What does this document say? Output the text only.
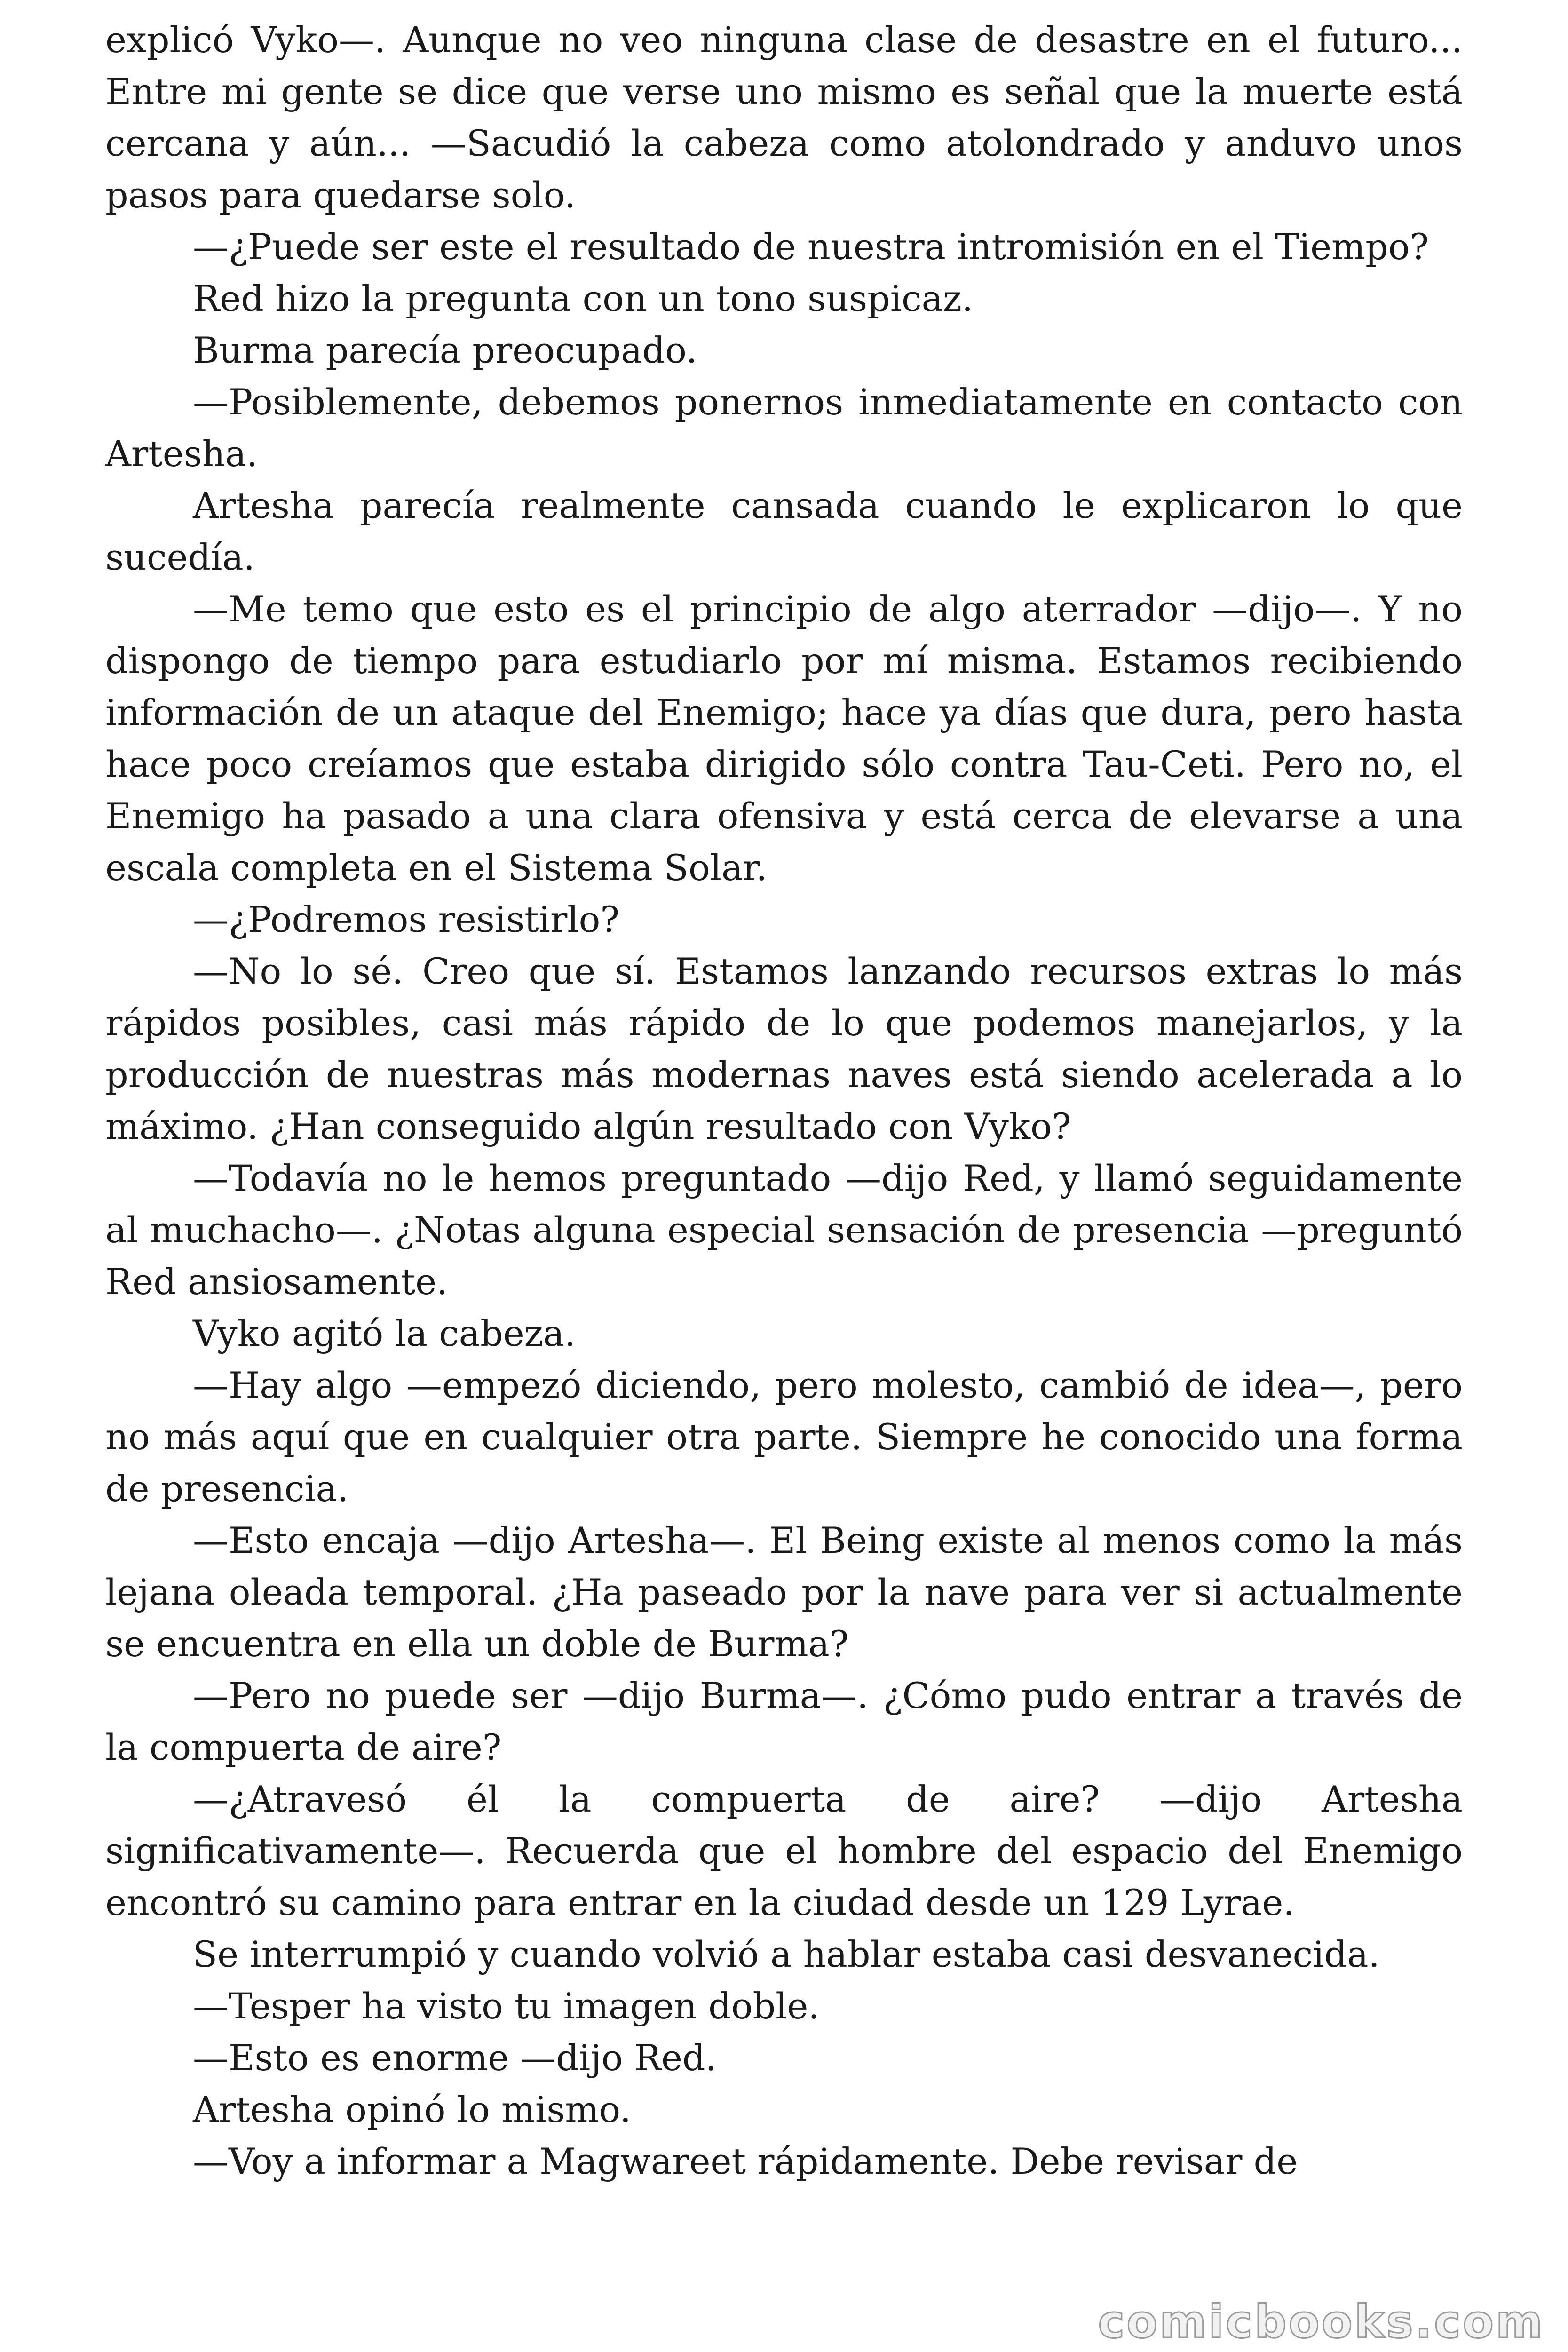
explicó Vyko—. Aunque no veo ninguna clase de desastre en el futuro... Entre mi gente se dice que verse uno mismo es señal que la muerte está cercana y aún... —Sacudió la cabeza como atolondrado y anduvo unos pasos para quedarse solo.

—¿Puede ser este el resultado de nuestra intromisión en el Tiempo?

Red hizo la pregunta con un tono suspicaz.

Burma parecía preocupado.

—Posiblemente, debemos ponernos inmediatamente en contacto con Artesha.

Artesha parecía realmente cansada cuando le explicaron lo que sucedía.

—Me temo que esto es el principio de algo aterrador —dijo—. Y no dispongo de tiempo para estudiarlo por mí misma. Estamos recibiendo información de un ataque del Enemigo; hace ya días que dura, pero hasta hace poco creíamos que estaba dirigido sólo contra Tau-Ceti. Pero no, el Enemigo ha pasado a una clara ofensiva y está cerca de elevarse a una escala completa en el Sistema Solar.

—¿Podremos resistirlo?

—No lo sé. Creo que sí. Estamos lanzando recursos extras lo más rápidos posibles, casi más rápido de lo que podemos manejarlos, y la producción de nuestras más modernas naves está siendo acelerada a lo máximo. ¿Han conseguido algún resultado con Vyko?

—Todavía no le hemos preguntado —dijo Red, y llamó seguidamente al muchacho—. ¿Notas alguna especial sensación de presencia —preguntó Red ansiosamente.

Vyko agitó la cabeza.

—Hay algo —empezó diciendo, pero molesto, cambió de idea—, pero no más aquí que en cualquier otra parte. Siempre he conocido una forma de presencia.

—Esto encaja —dijo Artesha—. El Being existe al menos como la más lejana oleada temporal. ¿Ha paseado por la nave para ver si actualmente se encuentra en ella un doble de Burma?

—Pero no puede ser —dijo Burma—. ¿Cómo pudo entrar a través de la compuerta de aire?

—¿Atravesó él la compuerta de aire? —dijo Artesha significativamente—. Recuerda que el hombre del espacio del Enemigo encontró su camino para entrar en la ciudad desde un 129 Lyrae.

Se interrumpió y cuando volvió a hablar estaba casi desvanecida.

—Tesper ha visto tu imagen doble.

—Esto es enorme —dijo Red.

Artesha opinó lo mismo.

—Voy a informar a Magwareet rápidamente. Debe revisar de

comicbooks.com
